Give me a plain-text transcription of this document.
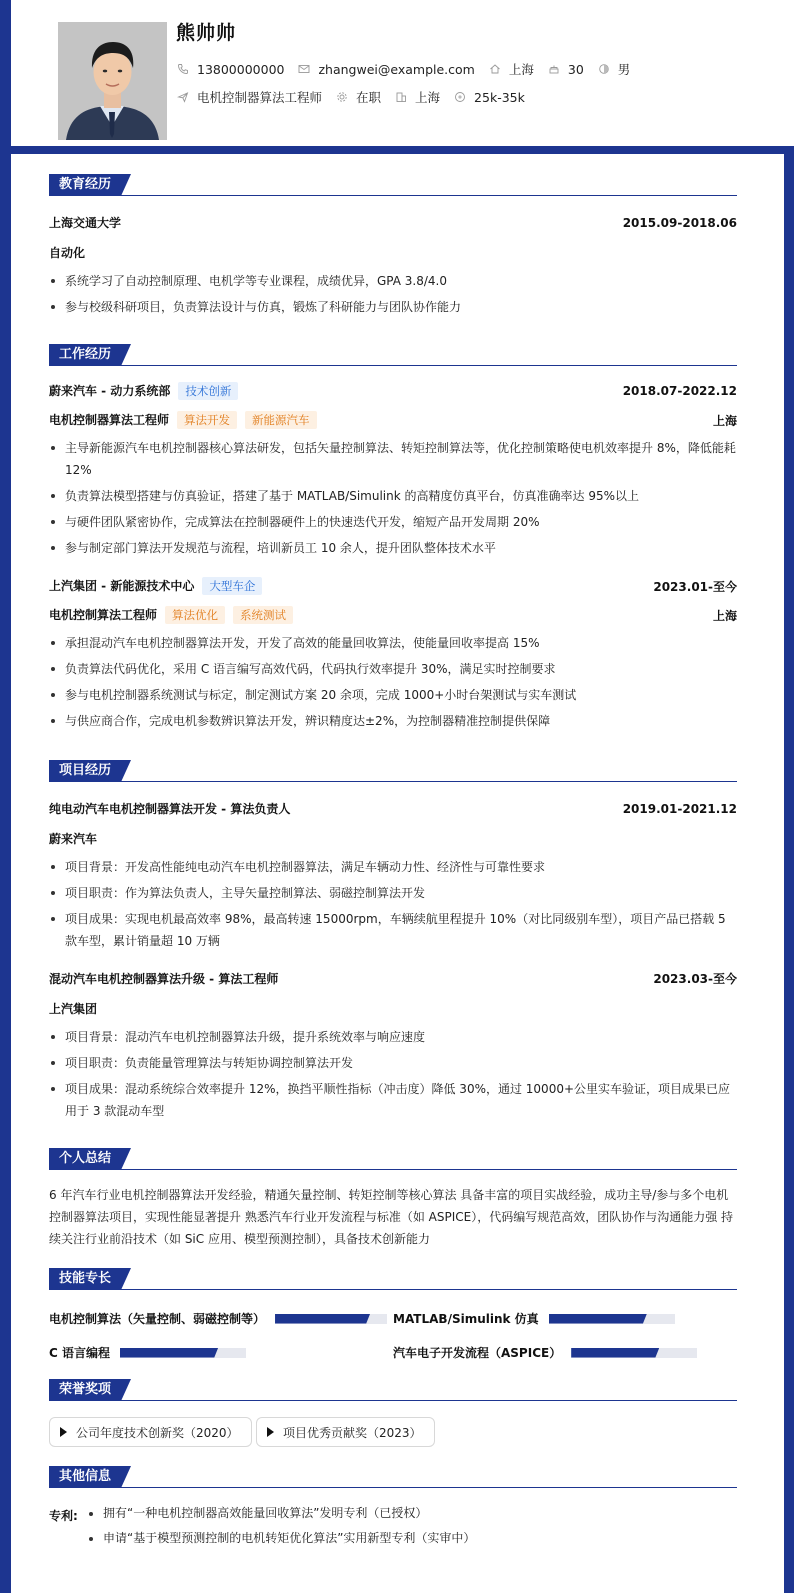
熊帅帅
13800000000	zhangwei@example.com	上海	30	男
电机控制器算法工程师	在职	上海	25k-35k
教育经历
上海交通大学	2015.09-2018.06
自动化
系统学习了自动控制原理、电机学等专业课程，成绩优异，GPA 3.8/4.0
参与校级科研项目，负责算法设计与仿真，锻炼了科研能力与团队协作能力
工作经历
蔚来汽车 - 动力系统部 技术创新	2018.07-2022.12
电机控制器算法工程师 算法开发 新能源汽车	上海
主导新能源汽车电机控制器核心算法研发，包括矢量控制算法、转矩控制算法等，优化控制策略使电机效率提升 8%，降低能耗 12%
负责算法模型搭建与仿真验证，搭建了基于 MATLAB/Simulink 的高精度仿真平台，仿真准确率达 95%以上
与硬件团队紧密协作，完成算法在控制器硬件上的快速迭代开发，缩短产品开发周期 20%
参与制定部门算法开发规范与流程，培训新员工 10 余人，提升团队整体技术水平
上汽集团 - 新能源技术中心 大型车企	2023.01-至今
电机控制算法工程师 算法优化 系统测试	上海
承担混动汽车电机控制器算法开发，开发了高效的能量回收算法，使能量回收率提高 15%
负责算法代码优化，采用 C 语言编写高效代码，代码执行效率提升 30%，满足实时控制要求
参与电机控制器系统测试与标定，制定测试方案 20 余项，完成 1000+小时台架测试与实车测试
与供应商合作，完成电机参数辨识算法开发，辨识精度达±2%，为控制器精准控制提供保障
项目经历
纯电动汽车电机控制器算法开发 - 算法负责人	2019.01-2021.12
蔚来汽车
项目背景：开发高性能纯电动汽车电机控制器算法，满足车辆动力性、经济性与可靠性要求
项目职责：作为算法负责人，主导矢量控制算法、弱磁控制算法开发
项目成果：实现电机最高效率 98%，最高转速 15000rpm，车辆续航里程提升 10%（对比同级别车型），项目产品已搭载 5 款车型，累计销量超 10 万辆
混动汽车电机控制器算法升级 - 算法工程师	2023.03-至今
上汽集团
项目背景：混动汽车电机控制器算法升级，提升系统效率与响应速度
项目职责：负责能量管理算法与转矩协调控制算法开发
项目成果：混动系统综合效率提升 12%，换挡平顺性指标（冲击度）降低 30%，通过 10000+公里实车验证，项目成果已应用于 3 款混动车型
个人总结
6 年汽车行业电机控制器算法开发经验，精通矢量控制、转矩控制等核心算法 具备丰富的项目实战经验，成功主导/参与多个电机
控制器算法项目，实现性能显著提升 熟悉汽车行业开发流程与标准（如 ASPICE），代码编写规范高效，团队协作与沟通能力强 持
续关注行业前沿技术（如 SiC 应用、模型预测控制），具备技术创新能力
技能专长
电机控制算法（矢量控制、弱磁控制等）	MATLAB/Simulink 仿真
C 语言编程	汽车电子开发流程（ASPICE）
荣誉奖项
公司年度技术创新奖（2020）	项目优秀贡献奖（2023）
其他信息
专利:	拥有“一种电机控制器高效能量回收算法”发明专利（已授权）
申请“基于模型预测控制的电机转矩优化算法”实用新型专利（实审中）
